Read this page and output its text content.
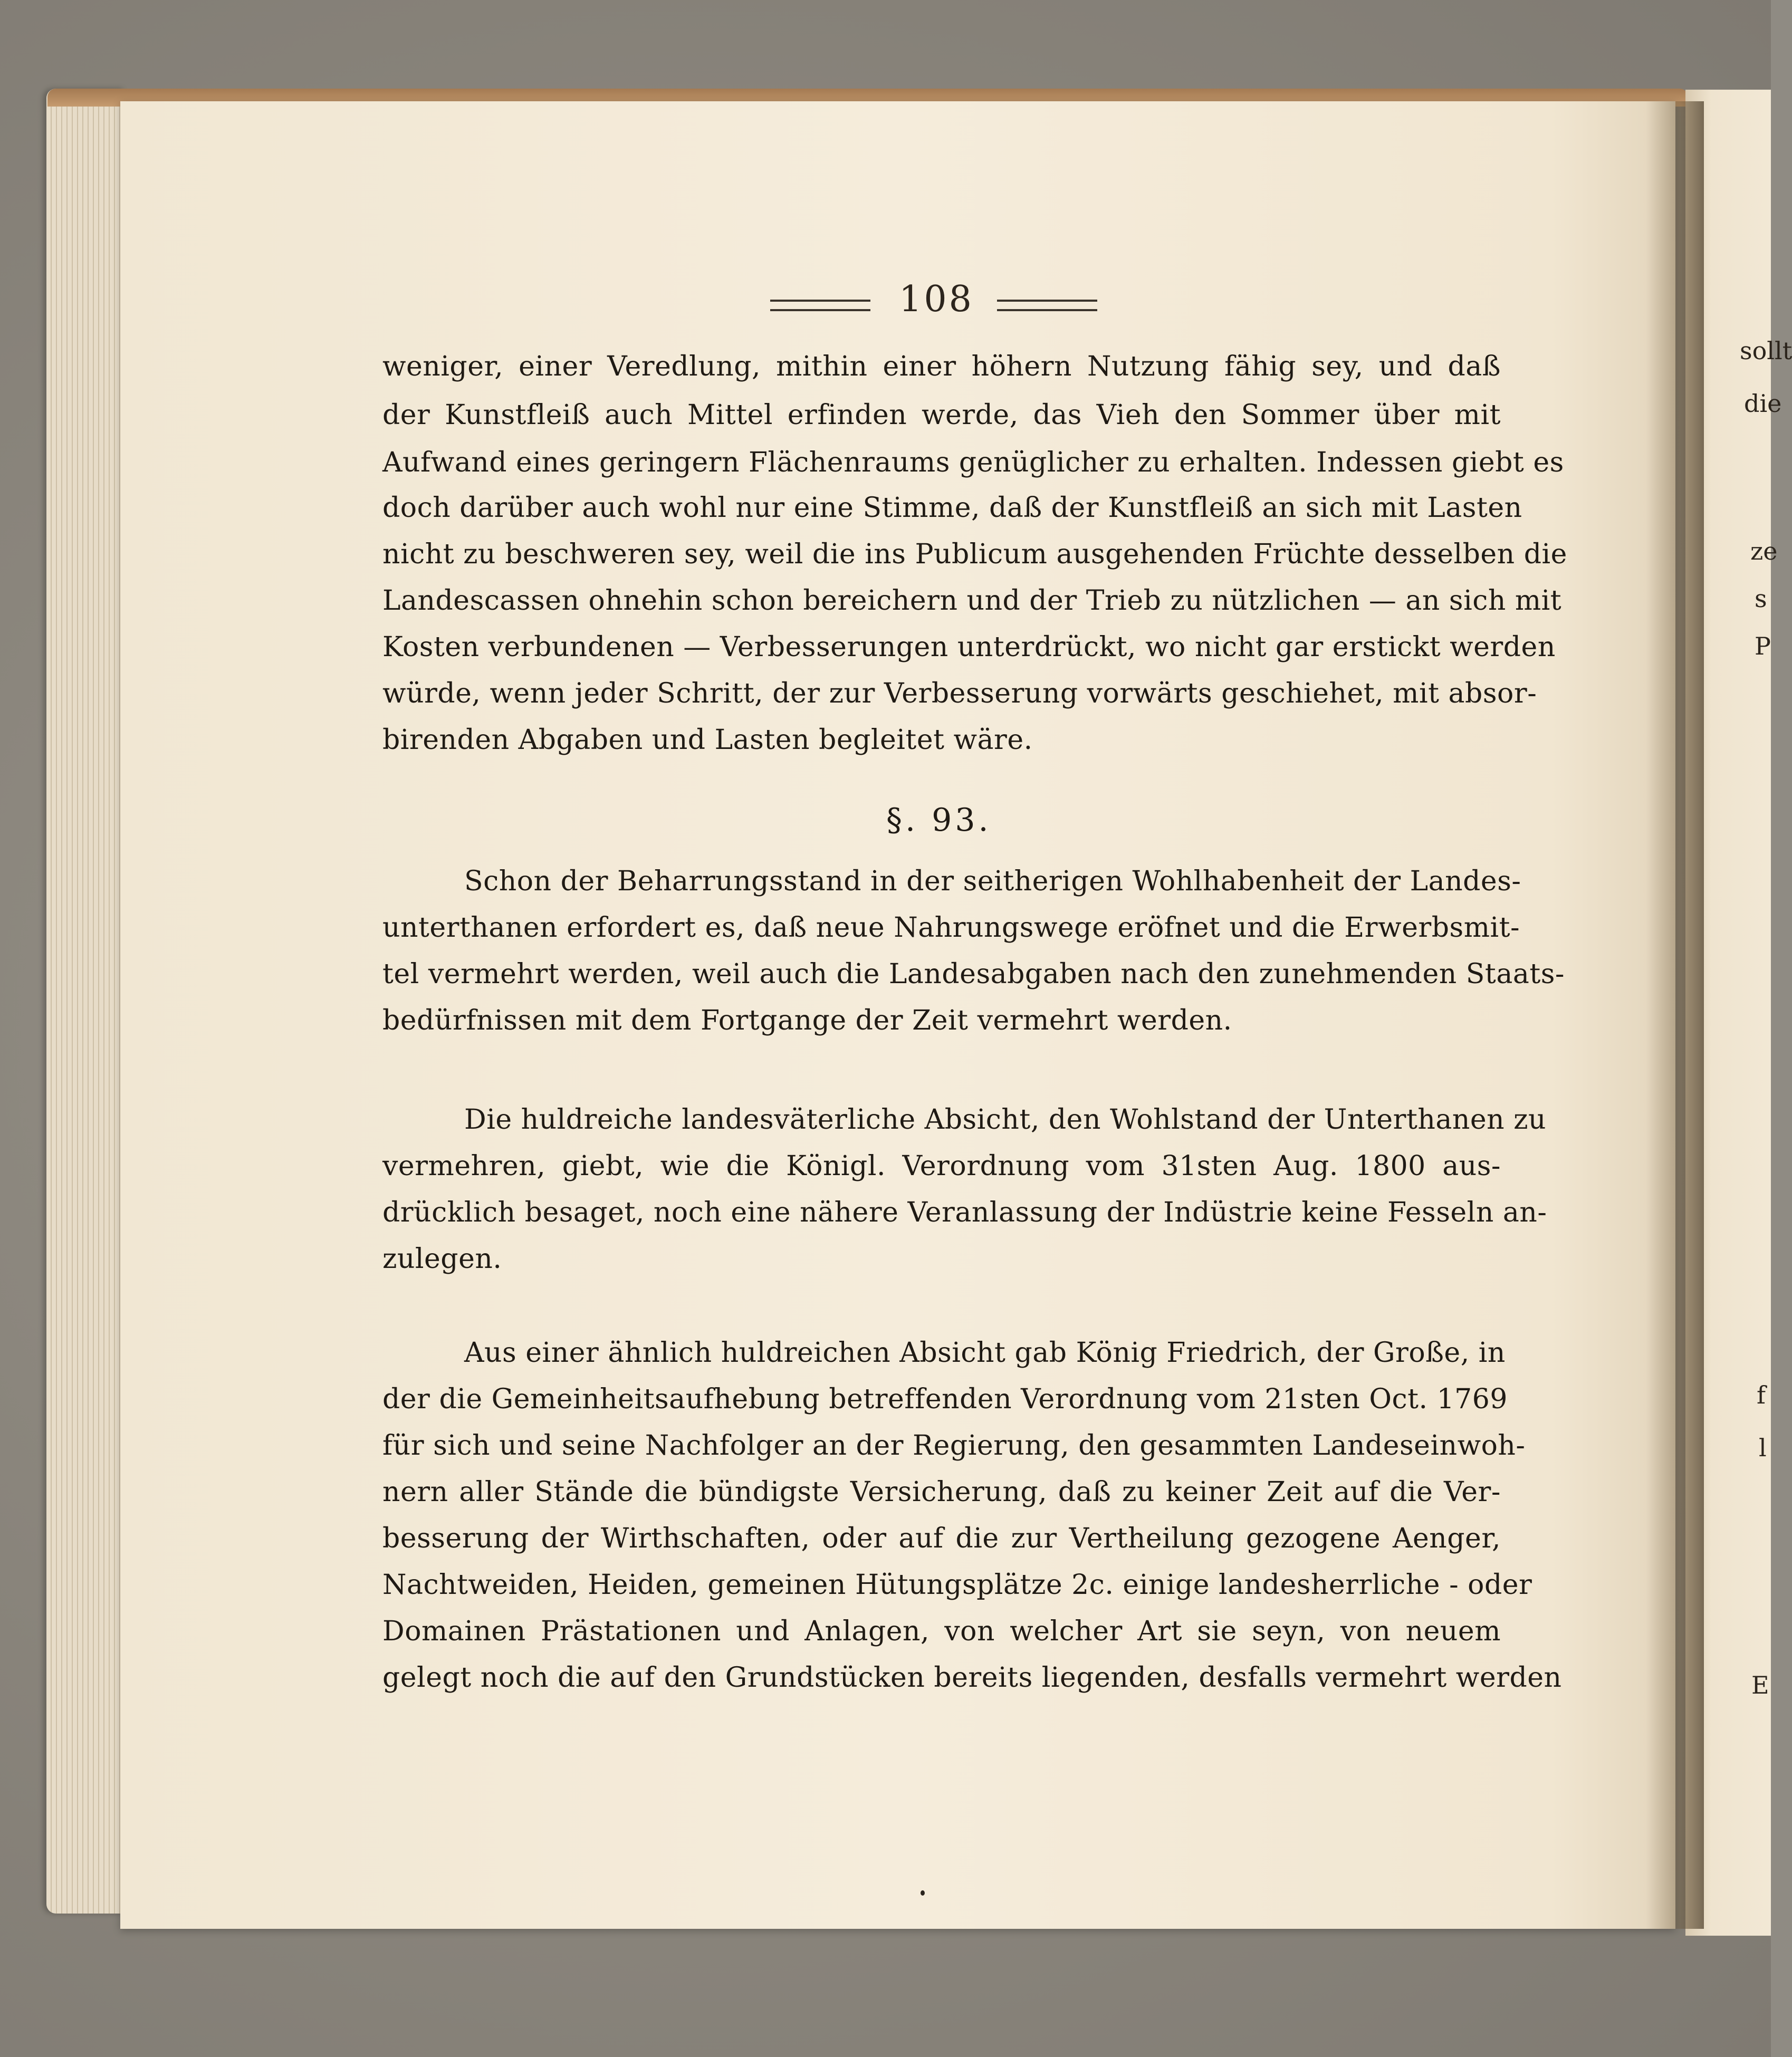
108
weniger, einer Veredlung, mithin einer höhern Nutzung fähig sey, und daß
der Kunstfleiß auch Mittel erfinden werde, das Vieh den Sommer über mit
Aufwand eines geringern Flächenraums genüglicher zu erhalten. Indessen giebt es
doch darüber auch wohl nur eine Stimme, daß der Kunstfleiß an sich mit Lasten
nicht zu beschweren sey, weil die ins Publicum ausgehenden Früchte desselben die
Landescassen ohnehin schon bereichern und der Trieb zu nützlichen — an sich mit
Kosten verbundenen — Verbesserungen unterdrückt, wo nicht gar erstickt werden
würde, wenn jeder Schritt, der zur Verbesserung vorwärts geschiehet, mit absor-
birenden Abgaben und Lasten begleitet wäre.
§. 93.
Schon der Beharrungsstand in der seitherigen Wohlhabenheit der Landes-
unterthanen erfordert es, daß neue Nahrungswege eröfnet und die Erwerbsmit-
tel vermehrt werden, weil auch die Landesabgaben nach den zunehmenden Staats-
bedürfnissen mit dem Fortgange der Zeit vermehrt werden.
Die huldreiche landesväterliche Absicht, den Wohlstand der Unterthanen zu
vermehren, giebt, wie die Königl. Verordnung vom 31sten Aug. 1800 aus-
drücklich besaget, noch eine nähere Veranlassung der Indüstrie keine Fesseln an-
zulegen.
Aus einer ähnlich huldreichen Absicht gab König Friedrich, der Große, in
der die Gemeinheitsaufhebung betreffenden Verordnung vom 21sten Oct. 1769
für sich und seine Nachfolger an der Regierung, den gesammten Landeseinwoh-
nern aller Stände die bündigste Versicherung, daß zu keiner Zeit auf die Ver-
besserung der Wirthschaften, oder auf die zur Vertheilung gezogene Aenger,
Nachtweiden, Heiden, gemeinen Hütungsplätze 2c. einige landesherrliche - oder
Domainen Prästationen und Anlagen, von welcher Art sie seyn, von neuem
gelegt noch die auf den Grundstücken bereits liegenden, desfalls vermehrt werden
sollt
die
ze
s
P
f
l
E
